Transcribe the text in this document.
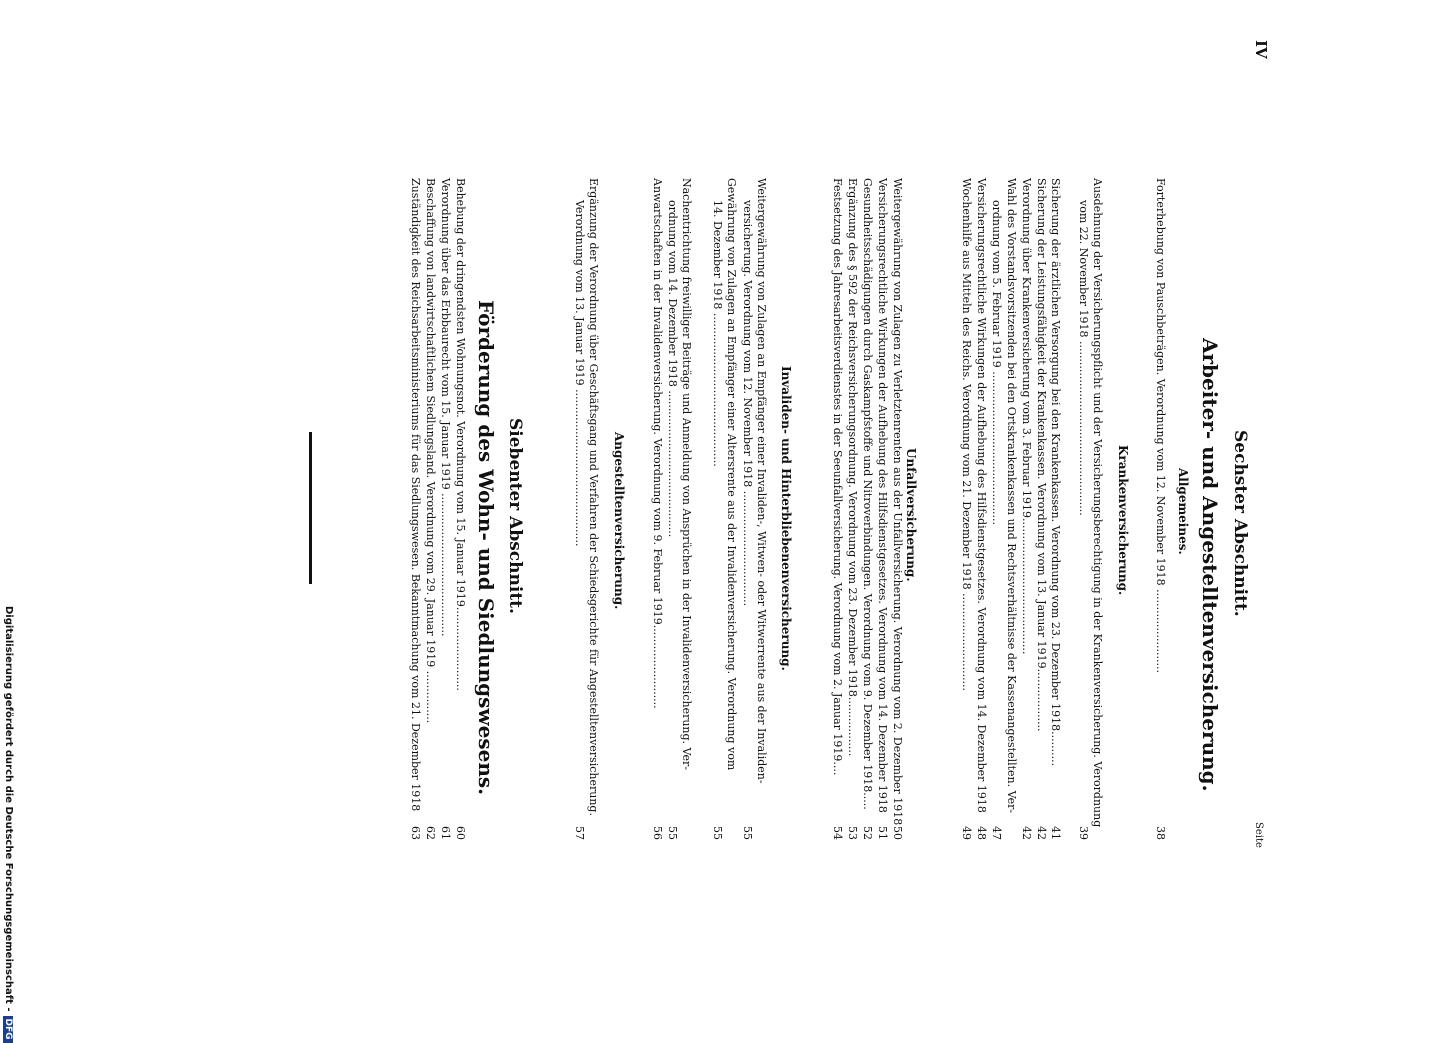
IV
Seite
Sechster Abschnitt.
Arbeiter- und Angestelltenversicherung.
Allgemeines.
Forterhebung von Pauschbeträgen. Verordnung vom 12. November 1918 ........................
38
Krankenversicherung.
Ausdehnung der Versicherungspflicht und der Versicherungsberechtigung in der Krankenversicherung. Verordnung
vom 22. November 1918 ..................................................
39
Sicherung der ärztlichen Versorgung bei den Krankenkassen. Verordnung vom 23. Dezember 1918..........
41
Sicherung der Leistungsfähigkeit der Krankenkassen. Verordnung vom 13. Januar 1919..................
42
Verordnung über Krankenversicherung vom 3. Februar 1919.......................................
42
Wahl des Vorstandsvorsitzenden bei den Ortskrankenkassen und Rechtsverhältnisse der Kassenangestellten. Ver-
ordnung vom 5. Februar 1919 ............................................
47
Versicherungsrechtliche Wirkungen der Aufhebung des Hilfsdienstgesetzes. Verordnung vom 14. Dezember 1918
48
Wochenhilfe aus Mitteln des Reichs. Verordnung vom 21. Dezember 1918 ............................
49
Unfallversicherung.
Weitergewährung von Zulagen zu Verletztenrenten aus der Unfallversicherung. Verordnung vom 2. Dezember 1918
50
Versicherungsrechtliche Wirkungen der Aufhebung des Hilfsdienstgesetzes. Verordnung vom 14. Dezember 1918
51
Gesundheitsschädigungen durch Gaskampfstoffe und Nitroverbindungen. Verordnung vom 9. Dezember 1918.....
52
Ergänzung des § 592 der Reichsversicherungsordnung. Verordnung vom 23. Dezember 1918.................
53
Festsetzung des Jahresarbeitsverdienstes in der Seeunfallversicherung. Verordnung vom 2. Januar 1919....
54
Invaliden- und Hinterbliebenenversicherung.
Weitergewährung von Zulagen an Empfänger einer Invaliden-, Witwen- oder Witwerrente aus der Invaliden-
versicherung. Verordnung vom 12. November 1918 .................................
55
Gewährung von Zulagen an Empfänger einer Altersrente aus der Invalidenversicherung. Verordnung vom
14. Dezember 1918 ............................................
55
Nachentrichtung freiwilliger Beiträge und Anmeldung von Ansprüchen in der Invalidenversicherung. Ver-
ordnung vom 14. Dezember 1918 ..........................................
55
Anwartschaften in der Invalidenversicherung. Verordnung vom 9. Februar 1919........................
56
Angestelltenversicherung.
Ergänzung der Verordnung über Geschäftsgang und Verfahren der Schiedsgerichte für Angestelltenversicherung.
Verordnung vom 13. Januar 1919 .............................................
57
Siebenter Abschnitt.
Förderung des Wohn- und Siedlungswesens.
Behebung der dringendsten Wohnungsnot. Verordnung vom 15. Januar 1919........................
60
Verordnung über das Erbbaurecht vom 15. Januar 1919 .........................................
61
Beschaffung von landwirtschaftlichem Siedlungsland. Verordnung vom 29. Januar 1919 ...............
62
Zuständigkeit des Reichsarbeitsministeriums für das Siedlungswesen. Bekanntmachung vom 21. Dezember 1918
63
Digitalisierung gefördert durch die Deutsche Forschungsgemeinschaft -DFG
